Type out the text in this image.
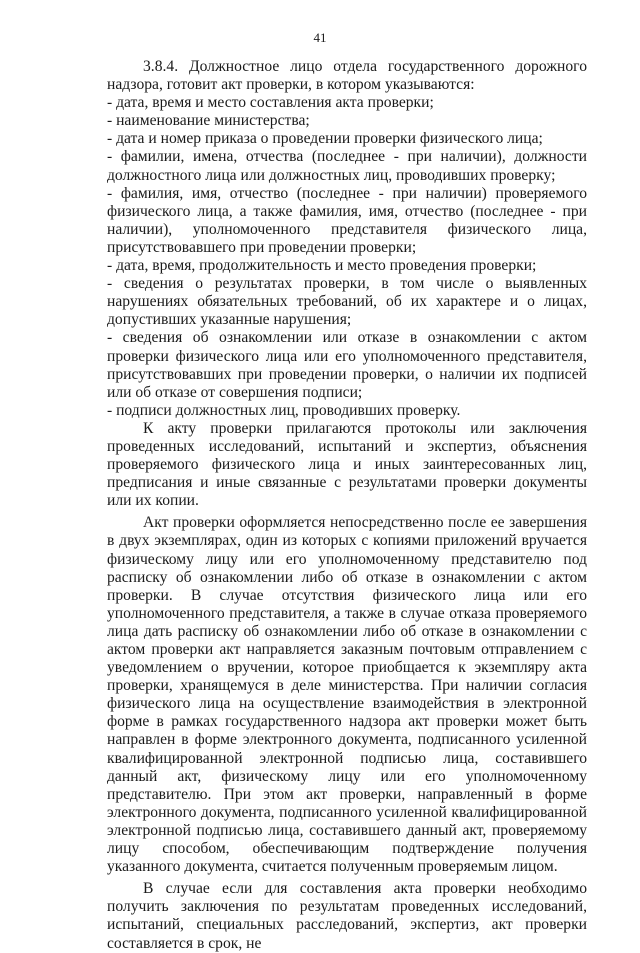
41

3.8.4. Должностное лицо отдела государственного дорожного надзора, готовит акт проверки, в котором указываются:

- дата, время и место составления акта проверки;

- наименование министерства;

- дата и номер приказа о проведении проверки физического лица;

- фамилии, имена, отчества (последнее - при наличии), должности должностного лица или должностных лиц, проводивших проверку;

- фамилия, имя, отчество (последнее - при наличии) проверяемого физического лица, а также фамилия, имя, отчество (последнее - при наличии), уполномоченного представителя физического лица, присутствовавшего при проведении проверки;

- дата, время, продолжительность и место проведения проверки;

- сведения о результатах проверки, в том числе о выявленных нарушениях обязательных требований, об их характере и о лицах, допустивших указанные нарушения;

- сведения об ознакомлении или отказе в ознакомлении с актом проверки физического лица или его уполномоченного представителя, присутствовавших при проведении проверки, о наличии их подписей или об отказе от совершения подписи;

- подписи должностных лиц, проводивших проверку.

К акту проверки прилагаются протоколы или заключения проведенных исследований, испытаний и экспертиз, объяснения проверяемого физического лица и иных заинтересованных лиц, предписания и иные связанные с результатами проверки документы или их копии.

Акт проверки оформляется непосредственно после ее завершения в двух экземплярах, один из которых с копиями приложений вручается физическому лицу или его уполномоченному представителю под расписку об ознакомлении либо об отказе в ознакомлении с актом проверки. В случае отсутствия физического лица или его уполномоченного представителя, а также в случае отказа проверяемого лица дать расписку об ознакомлении либо об отказе в ознакомлении с актом проверки акт направляется заказным почтовым отправлением с уведомлением о вручении, которое приобщается к экземпляру акта проверки, хранящемуся в деле министерства. При наличии согласия физического лица на осуществление взаимодействия в электронной форме в рамках государственного надзора акт проверки может быть направлен в форме электронного документа, подписанного усиленной квалифицированной электронной подписью лица, составившего данный акт, физическому лицу или его уполномоченному представителю. При этом акт проверки, направленный в форме электронного документа, подписанного усиленной квалифицированной электронной подписью лица, составившего данный акт, проверяемому лицу способом, обеспечивающим подтверждение получения указанного документа, считается полученным проверяемым лицом.

В случае если для составления акта проверки необходимо получить заключения по результатам проведенных исследований, испытаний, специальных расследований, экспертиз, акт проверки составляется в срок, не
